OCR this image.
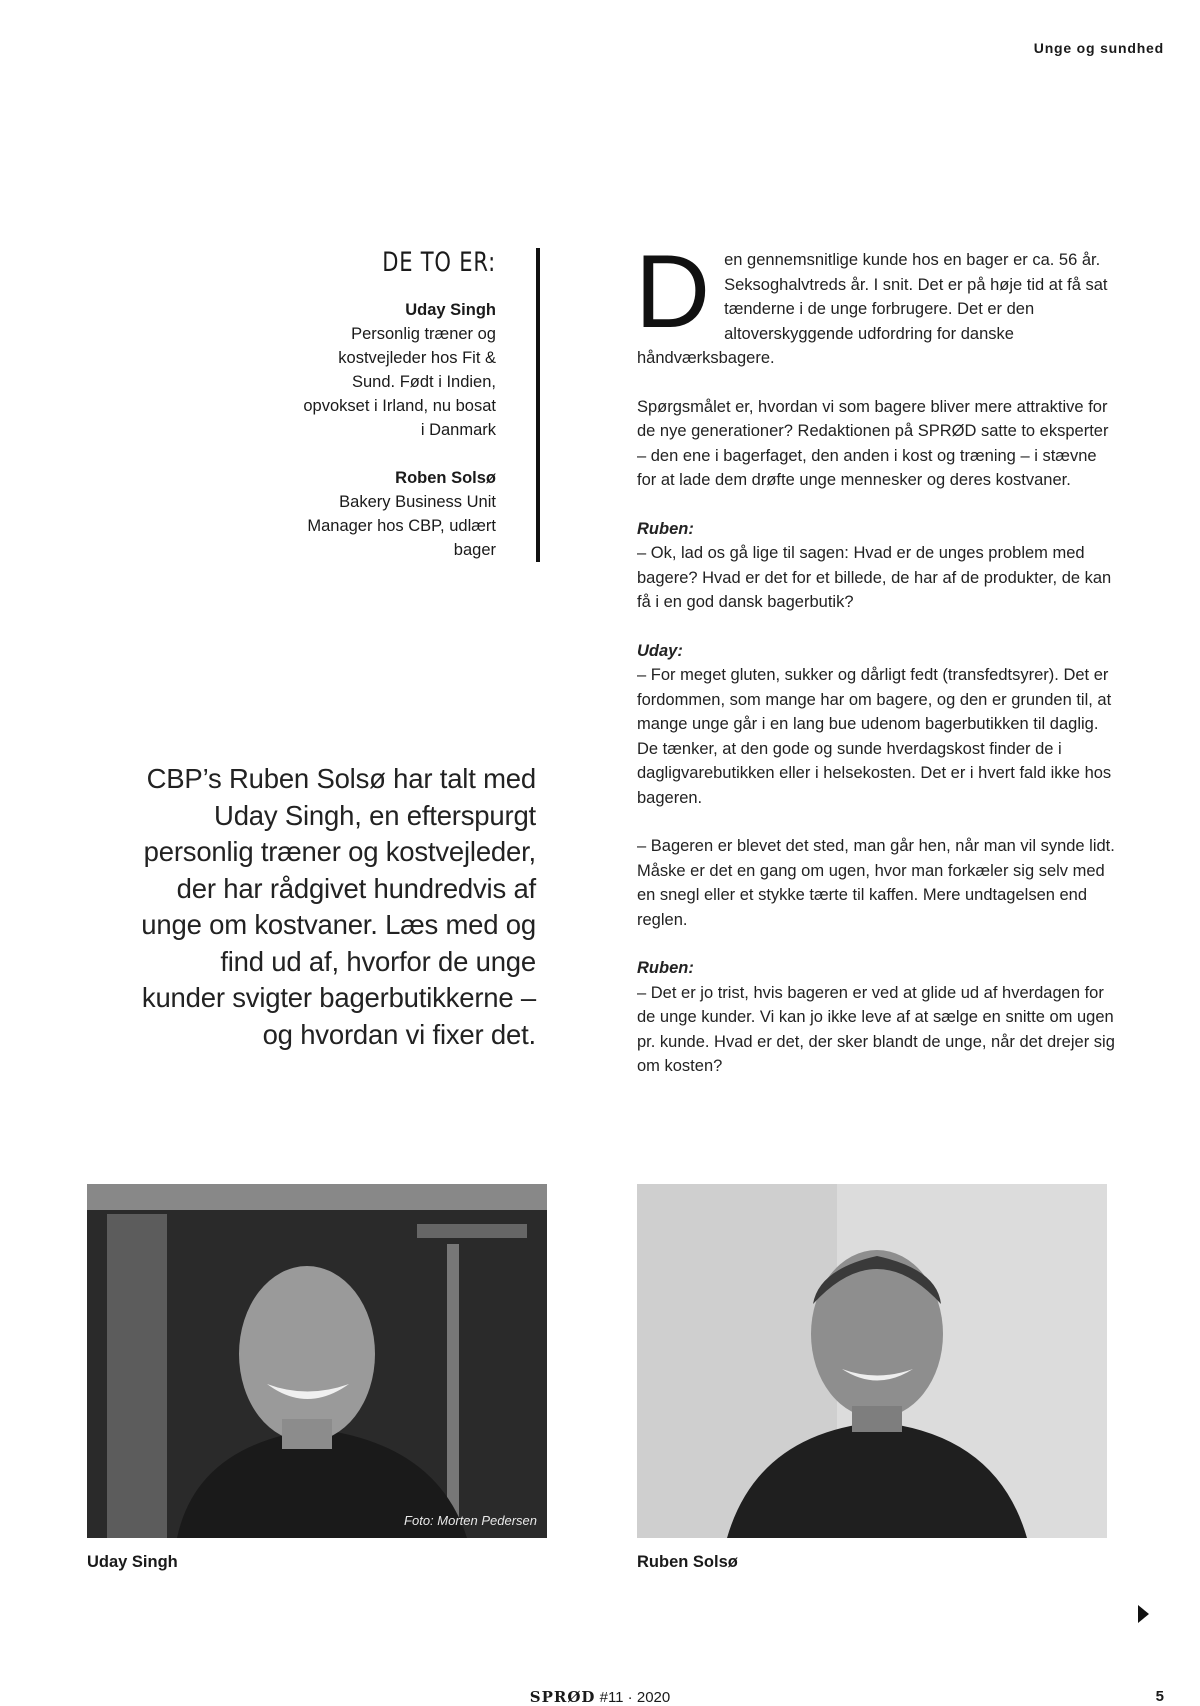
Unge og sundhed
DE TO ER:
Uday Singh
Personlig træner og kostvejleder hos Fit & Sund. Født i Indien, opvokset i Irland, nu bosat i Danmark
Roben Solsø
Bakery Business Unit Manager hos CBP, udlært bager
CBP’s Ruben Solsø har talt med Uday Singh, en efterspurgt personlig træner og kostvejleder, der har rådgivet hundredvis af unge om kostvaner. Læs med og find ud af, hvorfor de unge kunder svigter bagerbutikkerne – og hvordan vi fixer det.

D en gennemsnitlige kunde hos en bager er ca. 56 år. Seksoghalvtreds år. I snit. Det er på høje tid at få sat tænderne i de unge forbrugere. Det er den altoverskyggende udfordring for danske håndværksbagere.

Spørgsmålet er, hvordan vi som bagere bliver mere attraktive for de nye generationer? Redaktionen på SPRØD satte to eksperter – den ene i bagerfaget, den anden i kost og træning – i stævne for at lade dem drøfte unge mennesker og deres kostvaner.

Ruben:
– Ok, lad os gå lige til sagen: Hvad er de unges problem med bagere? Hvad er det for et billede, de har af de produkter, de kan få i en god dansk bagerbutik?

Uday:
– For meget gluten, sukker og dårligt fedt (transfedtsyrer). Det er fordommen, som mange har om bagere, og den er grunden til, at mange unge går i en lang bue udenom bagerbutikken til daglig. De tænker, at den gode og sunde hverdagskost finder de i dagligvarebutikken eller i helsekosten. Det er i hvert fald ikke hos bageren.

– Bageren er blevet det sted, man går hen, når man vil synde lidt. Måske er det en gang om ugen, hvor man forkæler sig selv med en snegl eller et stykke tærte til kaffen. Mere undtagelsen end reglen.

Ruben:
– Det er jo trist, hvis bageren er ved at glide ud af hverdagen for de unge kunder. Vi kan jo ikke leve af at sælge en snitte om ugen pr. kunde. Hvad er det, der sker blandt de unge, når det drejer sig om kosten?

Foto: Morten Pedersen
Uday Singh	Ruben Solsø
SPRØD #11 · 2020	5
